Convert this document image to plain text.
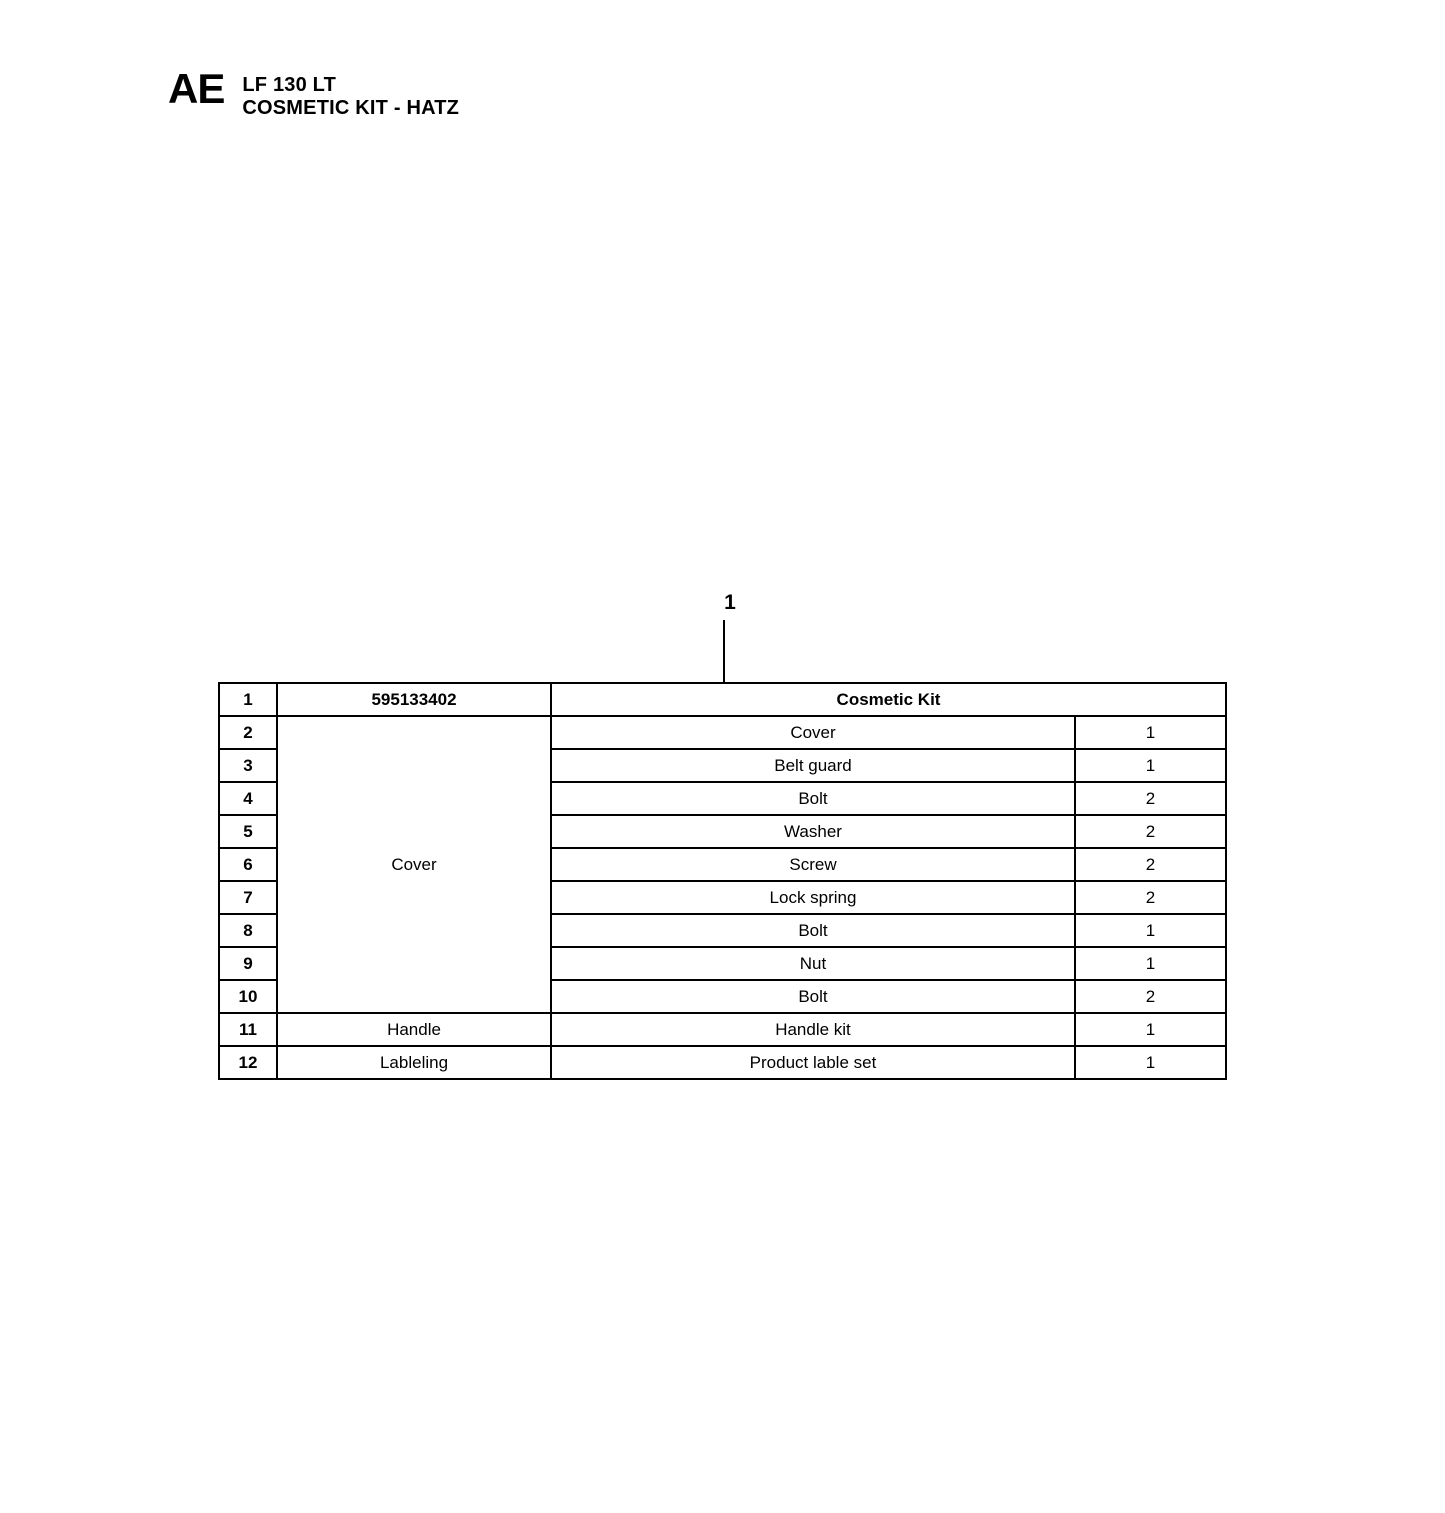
AE LF 130 LT
COSMETIC KIT - HATZ
1
1	595133402	Cosmetic Kit	
2	Cover	Cover	1
3		Belt guard	1
4		Bolt	2
5		Washer	2
6		Screw	2
7		Lock spring	2
8		Bolt	1
9		Nut	1
10		Bolt	2
11	Handle	Handle kit	1
12	Lableling	Product lable set	1
